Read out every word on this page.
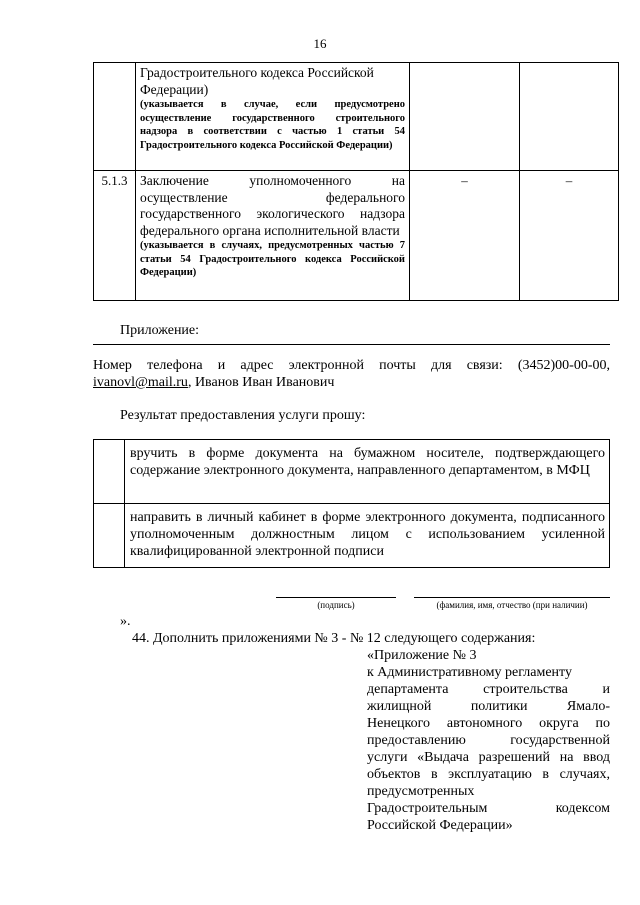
16

	Градостроительного кодекса Российской
Федерации)
(указывается в случае, если предусмотрено осуществление государственного строительного надзора в соответствии с частью 1 статьи 54 Градостроительного кодекса Российской Федерации)		

5.1.3	Заключение уполномоченного на осуществление федерального государственного экологического надзора федерального органа исполнительной власти
(указывается в случаях, предусмотренных частью 7 статьи 54 Градостроительного кодекса Российской Федерации)	–	–
Приложение:
Номер телефона и адрес электронной почты для связи: (3452)00-00-00,
ivanovl@mail.ru, Иванов Иван Иванович
Результат предоставления услуги прошу:
	вручить в форме документа на бумажном носителе, подтверждающего содержание электронного документа, направленного департаментом, в МФЦ
	направить в личный кабинет в форме электронного документа, подписанного уполномоченным должностным лицом с использованием усиленной квалифицированной электронной подписи
(подпись)	(фамилия, имя, отчество (при наличии)
».
44. Дополнить приложениями № 3 - № 12 следующего содержания:
«Приложение № 3
к Административному регламенту
департамента строительства и
жилищной политики Ямало-
Ненецкого автономного округа по
предоставлению государственной
услуги «Выдача разрешений на ввод
объектов в эксплуатацию в случаях,
предусмотренных
Градостроительным кодексом
Российской Федерации»
